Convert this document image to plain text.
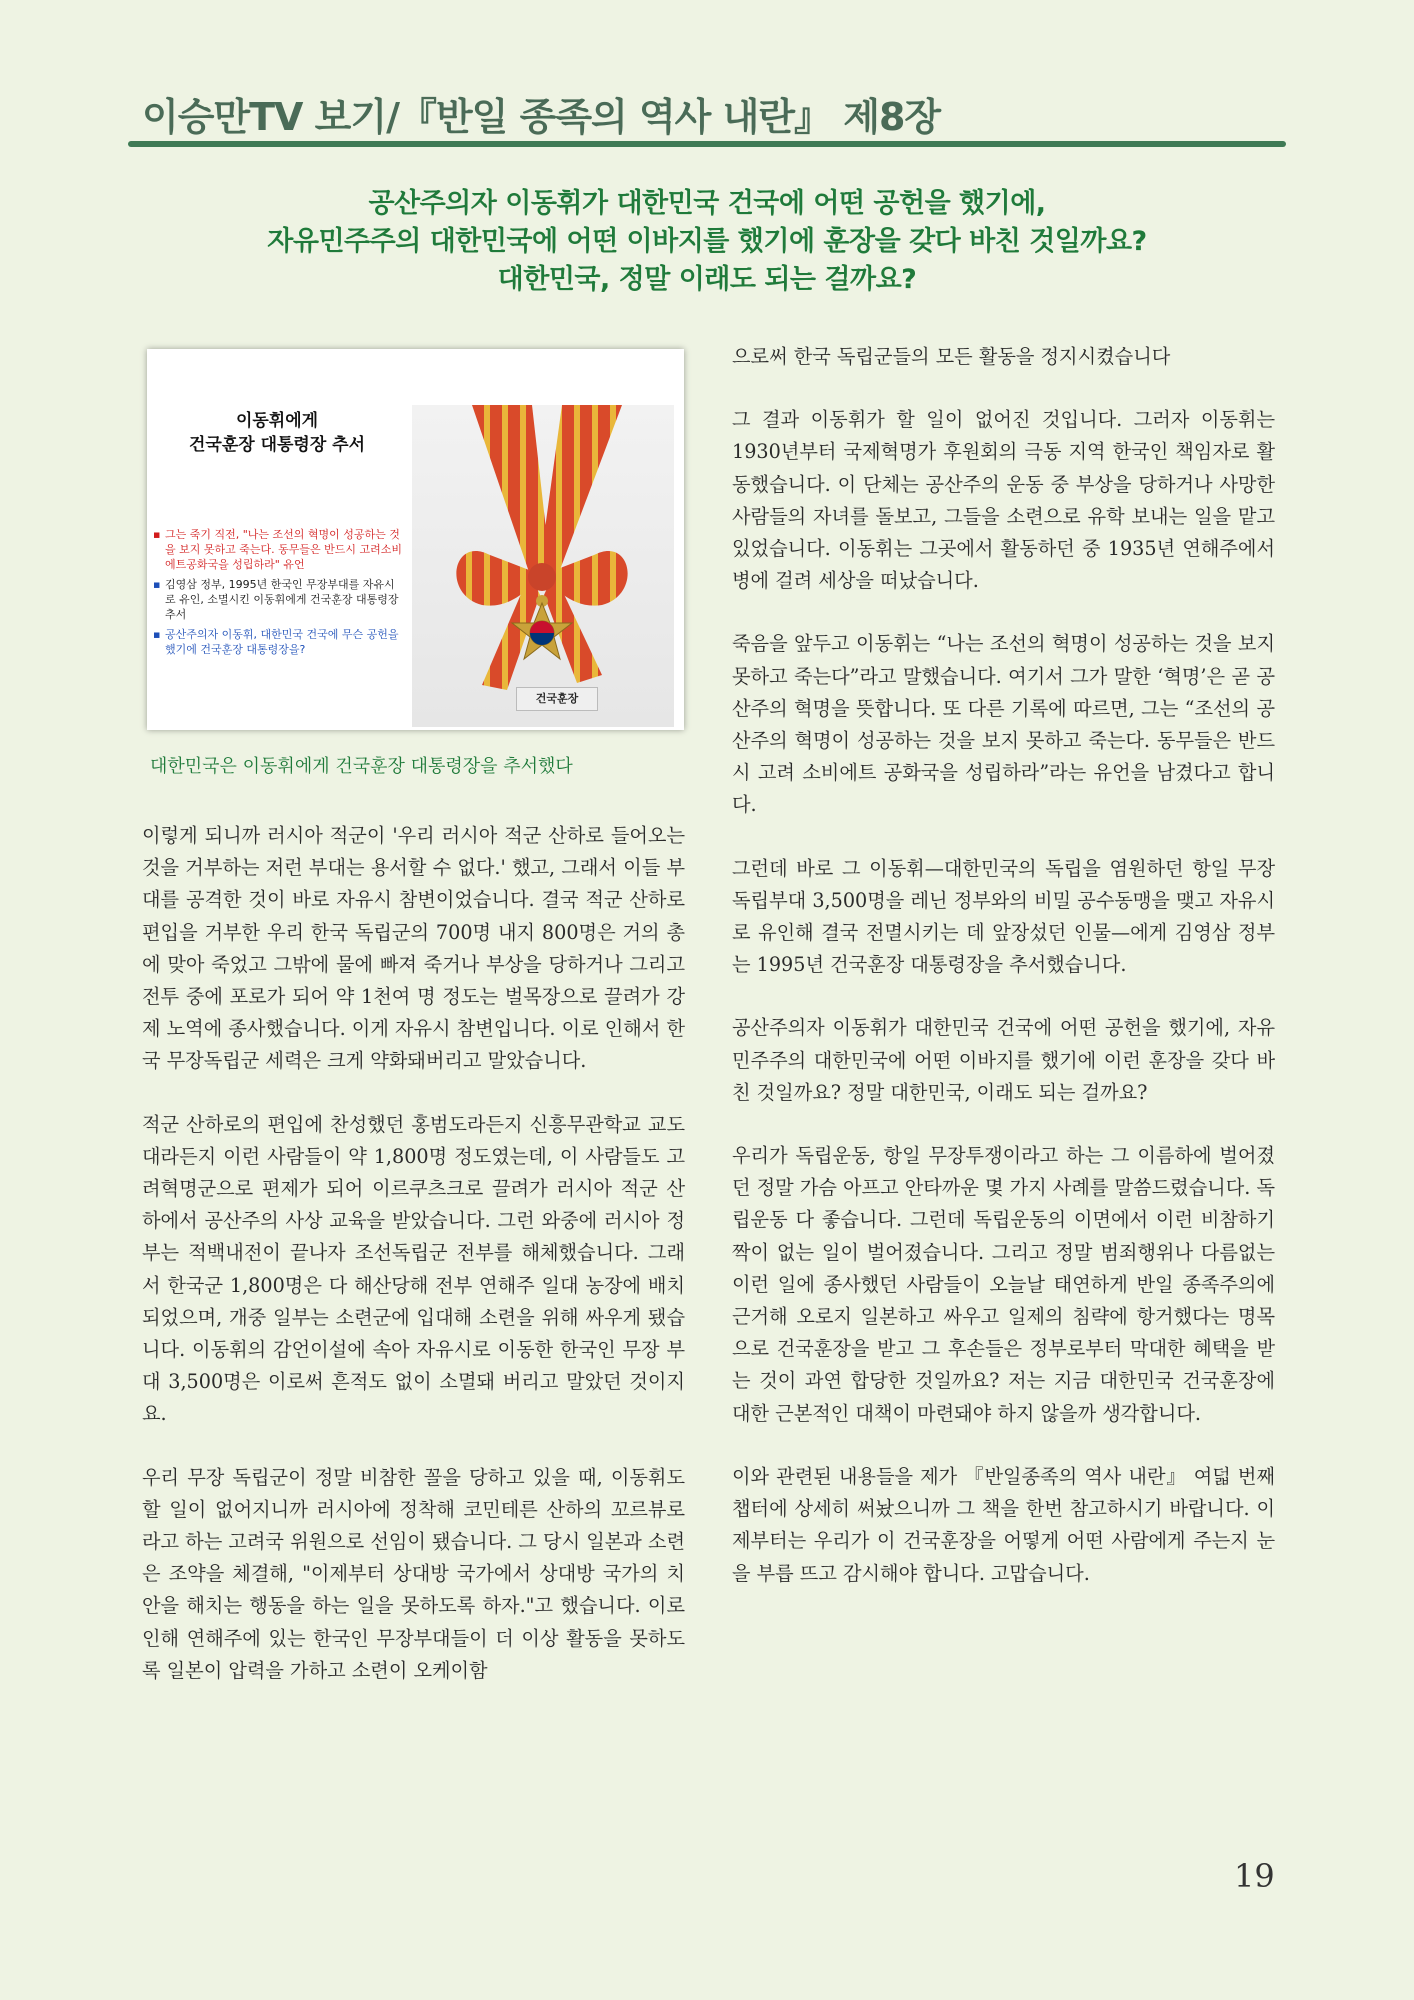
이승만TV 보기/『반일 종족의 역사 내란』 제8장
공산주의자 이동휘가 대한민국 건국에 어떤 공헌을 했기에,
자유민주주의 대한민국에 어떤 이바지를 했기에 훈장을 갖다 바친 것일까요?
대한민국, 정말 이래도 되는 걸까요?
이동휘에게
건국훈장 대통령장 추서
▪ 그는 죽기 직전, "나는 조선의 혁명이 성공하는 것을 보지 못하고 죽는다. 동무들은 반드시 고려소비에트공화국을 성립하라" 유언
▪ 김영삼 정부, 1995년 한국인 무장부대를 자유시로 유인, 소멸시킨 이동휘에게 건국훈장 대통령장 추서
▪ 공산주의자 이동휘, 대한민국 건국에 무슨 공헌을 했기에 건국훈장 대통령장을?
건국훈장
대한민국은 이동휘에게 건국훈장 대통령장을 추서했다

이렇게 되니까 러시아 적군이 '우리 러시아 적군 산하로 들어오는 것을 거부하는 저런 부대는 용서할 수 없다.' 했고, 그래서 이들 부대를 공격한 것이 바로 자유시 참변이었습니다. 결국 적군 산하로 편입을 거부한 우리 한국 독립군의 700명 내지 800명은 거의 총에 맞아 죽었고 그밖에 물에 빠져 죽거나 부상을 당하거나 그리고 전투 중에 포로가 되어 약 1천여 명 정도는 벌목장으로 끌려가 강제 노역에 종사했습니다. 이게 자유시 참변입니다. 이로 인해서 한국 무장독립군 세력은 크게 약화돼버리고 말았습니다.

적군 산하로의 편입에 찬성했던 홍범도라든지 신흥무관학교 교도대라든지 이런 사람들이 약 1,800명 정도였는데, 이 사람들도 고려혁명군으로 편제가 되어 이르쿠츠크로 끌려가 러시아 적군 산하에서 공산주의 사상 교육을 받았습니다. 그런 와중에 러시아 정부는 적백내전이 끝나자 조선독립군 전부를 해체했습니다. 그래서 한국군 1,800명은 다 해산당해 전부 연해주 일대 농장에 배치되었으며, 개중 일부는 소련군에 입대해 소련을 위해 싸우게 됐습니다. 이동휘의 감언이설에 속아 자유시로 이동한 한국인 무장 부대 3,500명은 이로써 흔적도 없이 소멸돼 버리고 말았던 것이지요.

우리 무장 독립군이 정말 비참한 꼴을 당하고 있을 때, 이동휘도 할 일이 없어지니까 러시아에 정착해 코민테른 산하의 꼬르뷰로라고 하는 고려국 위원으로 선임이 됐습니다. 그 당시 일본과 소련은 조약을 체결해, "이제부터 상대방 국가에서 상대방 국가의 치안을 해치는 행동을 하는 일을 못하도록 하자."고 했습니다. 이로 인해 연해주에 있는 한국인 무장부대들이 더 이상 활동을 못하도록 일본이 압력을 가하고 소련이 오케이함

으로써 한국 독립군들의 모든 활동을 정지시켰습니다

그 결과 이동휘가 할 일이 없어진 것입니다. 그러자 이동휘는 1930년부터 국제혁명가 후원회의 극동 지역 한국인 책임자로 활동했습니다. 이 단체는 공산주의 운동 중 부상을 당하거나 사망한 사람들의 자녀를 돌보고, 그들을 소련으로 유학 보내는 일을 맡고 있었습니다. 이동휘는 그곳에서 활동하던 중 1935년 연해주에서 병에 걸려 세상을 떠났습니다.

죽음을 앞두고 이동휘는 “나는 조선의 혁명이 성공하는 것을 보지 못하고 죽는다”라고 말했습니다. 여기서 그가 말한 ‘혁명’은 곧 공산주의 혁명을 뜻합니다. 또 다른 기록에 따르면, 그는 “조선의 공산주의 혁명이 성공하는 것을 보지 못하고 죽는다. 동무들은 반드시 고려 소비에트 공화국을 성립하라”라는 유언을 남겼다고 합니다.

그런데 바로 그 이동휘—대한민국의 독립을 염원하던 항일 무장독립부대 3,500명을 레닌 정부와의 비밀 공수동맹을 맺고 자유시로 유인해 결국 전멸시키는 데 앞장섰던 인물—에게 김영삼 정부는 1995년 건국훈장 대통령장을 추서했습니다.

공산주의자 이동휘가 대한민국 건국에 어떤 공헌을 했기에, 자유민주주의 대한민국에 어떤 이바지를 했기에 이런 훈장을 갖다 바친 것일까요? 정말 대한민국, 이래도 되는 걸까요?

우리가 독립운동, 항일 무장투쟁이라고 하는 그 이름하에 벌어졌던 정말 가슴 아프고 안타까운 몇 가지 사례를 말씀드렸습니다. 독립운동 다 좋습니다. 그런데 독립운동의 이면에서 이런 비참하기 짝이 없는 일이 벌어졌습니다. 그리고 정말 범죄행위나 다름없는 이런 일에 종사했던 사람들이 오늘날 태연하게 반일 종족주의에 근거해 오로지 일본하고 싸우고 일제의 침략에 항거했다는 명목으로 건국훈장을 받고 그 후손들은 정부로부터 막대한 혜택을 받는 것이 과연 합당한 것일까요? 저는 지금 대한민국 건국훈장에 대한 근본적인 대책이 마련돼야 하지 않을까 생각합니다.

이와 관련된 내용들을 제가 『반일종족의 역사 내란』 여덟 번째 챕터에 상세히 써놨으니까 그 책을 한번 참고하시기 바랍니다. 이제부터는 우리가 이 건국훈장을 어떻게 어떤 사람에게 주는지 눈을 부릅 뜨고 감시해야 합니다. 고맙습니다.

19
